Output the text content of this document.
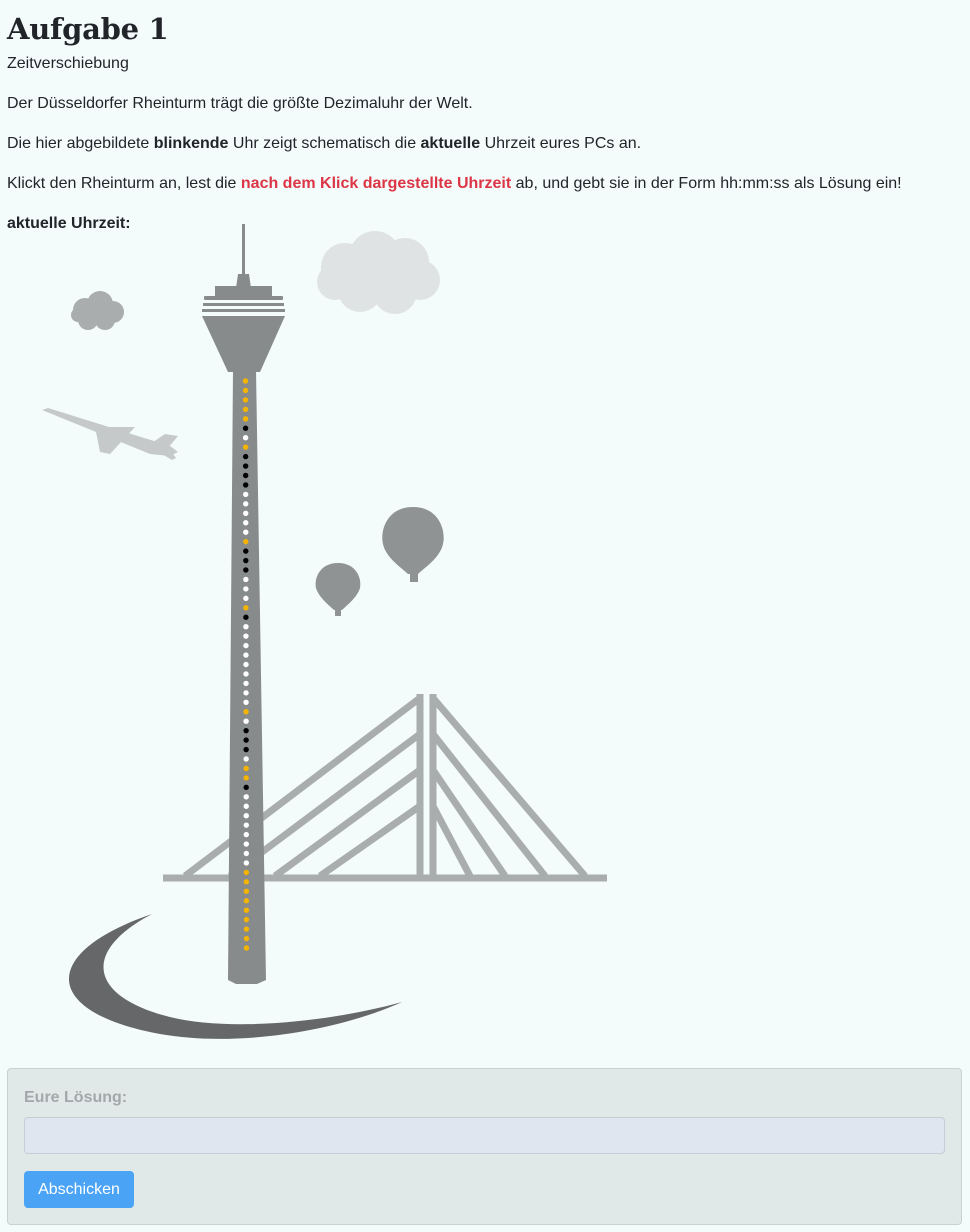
Aufgabe 1
Zeitverschiebung

Der Düsseldorfer Rheinturm trägt die größte Dezimaluhr der Welt.

Die hier abgebildete blinkende Uhr zeigt schematisch die aktuelle Uhrzeit eures PCs an.

Klickt den Rheinturm an, lest die nach dem Klick dargestellte Uhrzeit ab, und gebt sie in der Form hh:mm:ss als Lösung ein!

aktuelle Uhrzeit:

Eure Lösung:
Abschicken
